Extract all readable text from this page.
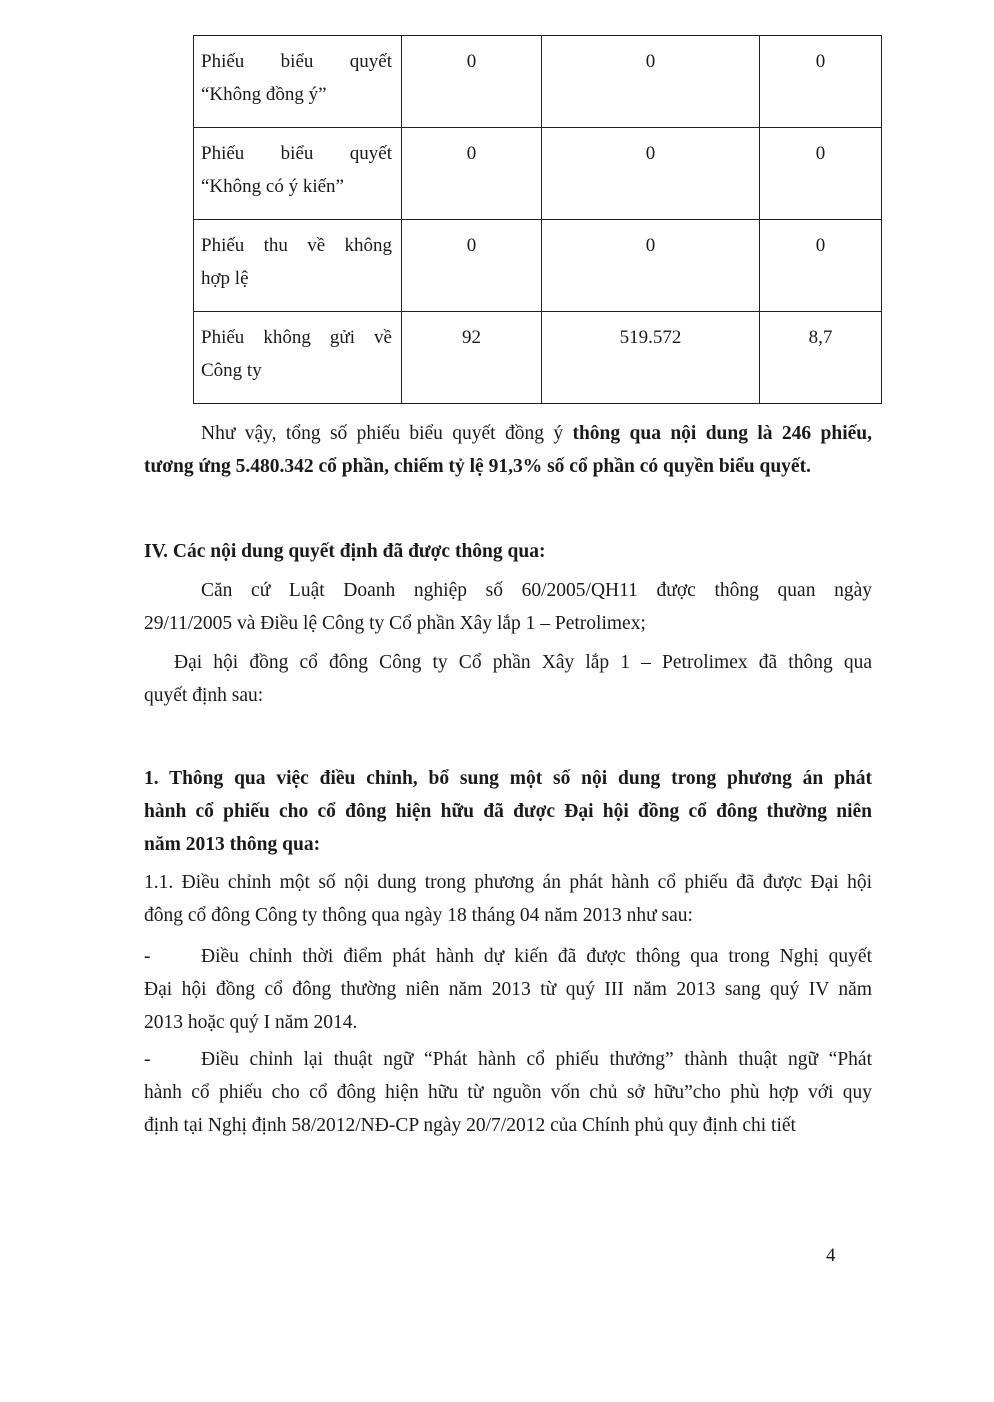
Phiếu biểu quyết
“Không đồng ý”	0	0	0

Phiếu biểu quyết
“Không có ý kiến”	0	0	0

Phiếu thu về không
hợp lệ	0	0	0

Phiếu không gửi về
Công ty	92	519.572	8,7
Như vậy, tổng số phiếu biểu quyết đồng ý thông qua nội dung là 246 phiếu,
tương ứng 5.480.342 cổ phần, chiếm tỷ lệ 91,3% số cổ phần có quyền biểu quyết.
IV. Các nội dung quyết định đã được thông qua:
Căn cứ Luật Doanh nghiệp số 60/2005/QH11 được thông quan ngày
29/11/2005 và Điều lệ Công ty Cổ phần Xây lắp 1 – Petrolimex;
Đại hội đồng cổ đông Công ty Cổ phần Xây lắp 1 – Petrolimex đã thông qua
quyết định sau:
1. Thông qua việc điều chỉnh, bổ sung một số nội dung trong phương án phát
hành cổ phiếu cho cổ đông hiện hữu đã được Đại hội đồng cổ đông thường niên
năm 2013 thông qua:
1.1. Điều chỉnh một số nội dung trong phương án phát hành cổ phiếu đã được Đại hội
đông cổ đông Công ty thông qua ngày 18 tháng 04 năm 2013 như sau:
-	Điều chỉnh thời điểm phát hành dự kiến đã được thông qua trong Nghị quyết
Đại hội đồng cổ đông thường niên năm 2013 từ quý III năm 2013 sang quý IV năm
2013 hoặc quý I năm 2014.
-	Điều chỉnh lại thuật ngữ “Phát hành cổ phiếu thưởng” thành thuật ngữ “Phát
hành cổ phiếu cho cổ đông hiện hữu từ nguồn vốn chủ sở hữu”cho phù hợp với quy
định tại Nghị định 58/2012/NĐ-CP ngày 20/7/2012 của Chính phủ quy định chi tiết
4
